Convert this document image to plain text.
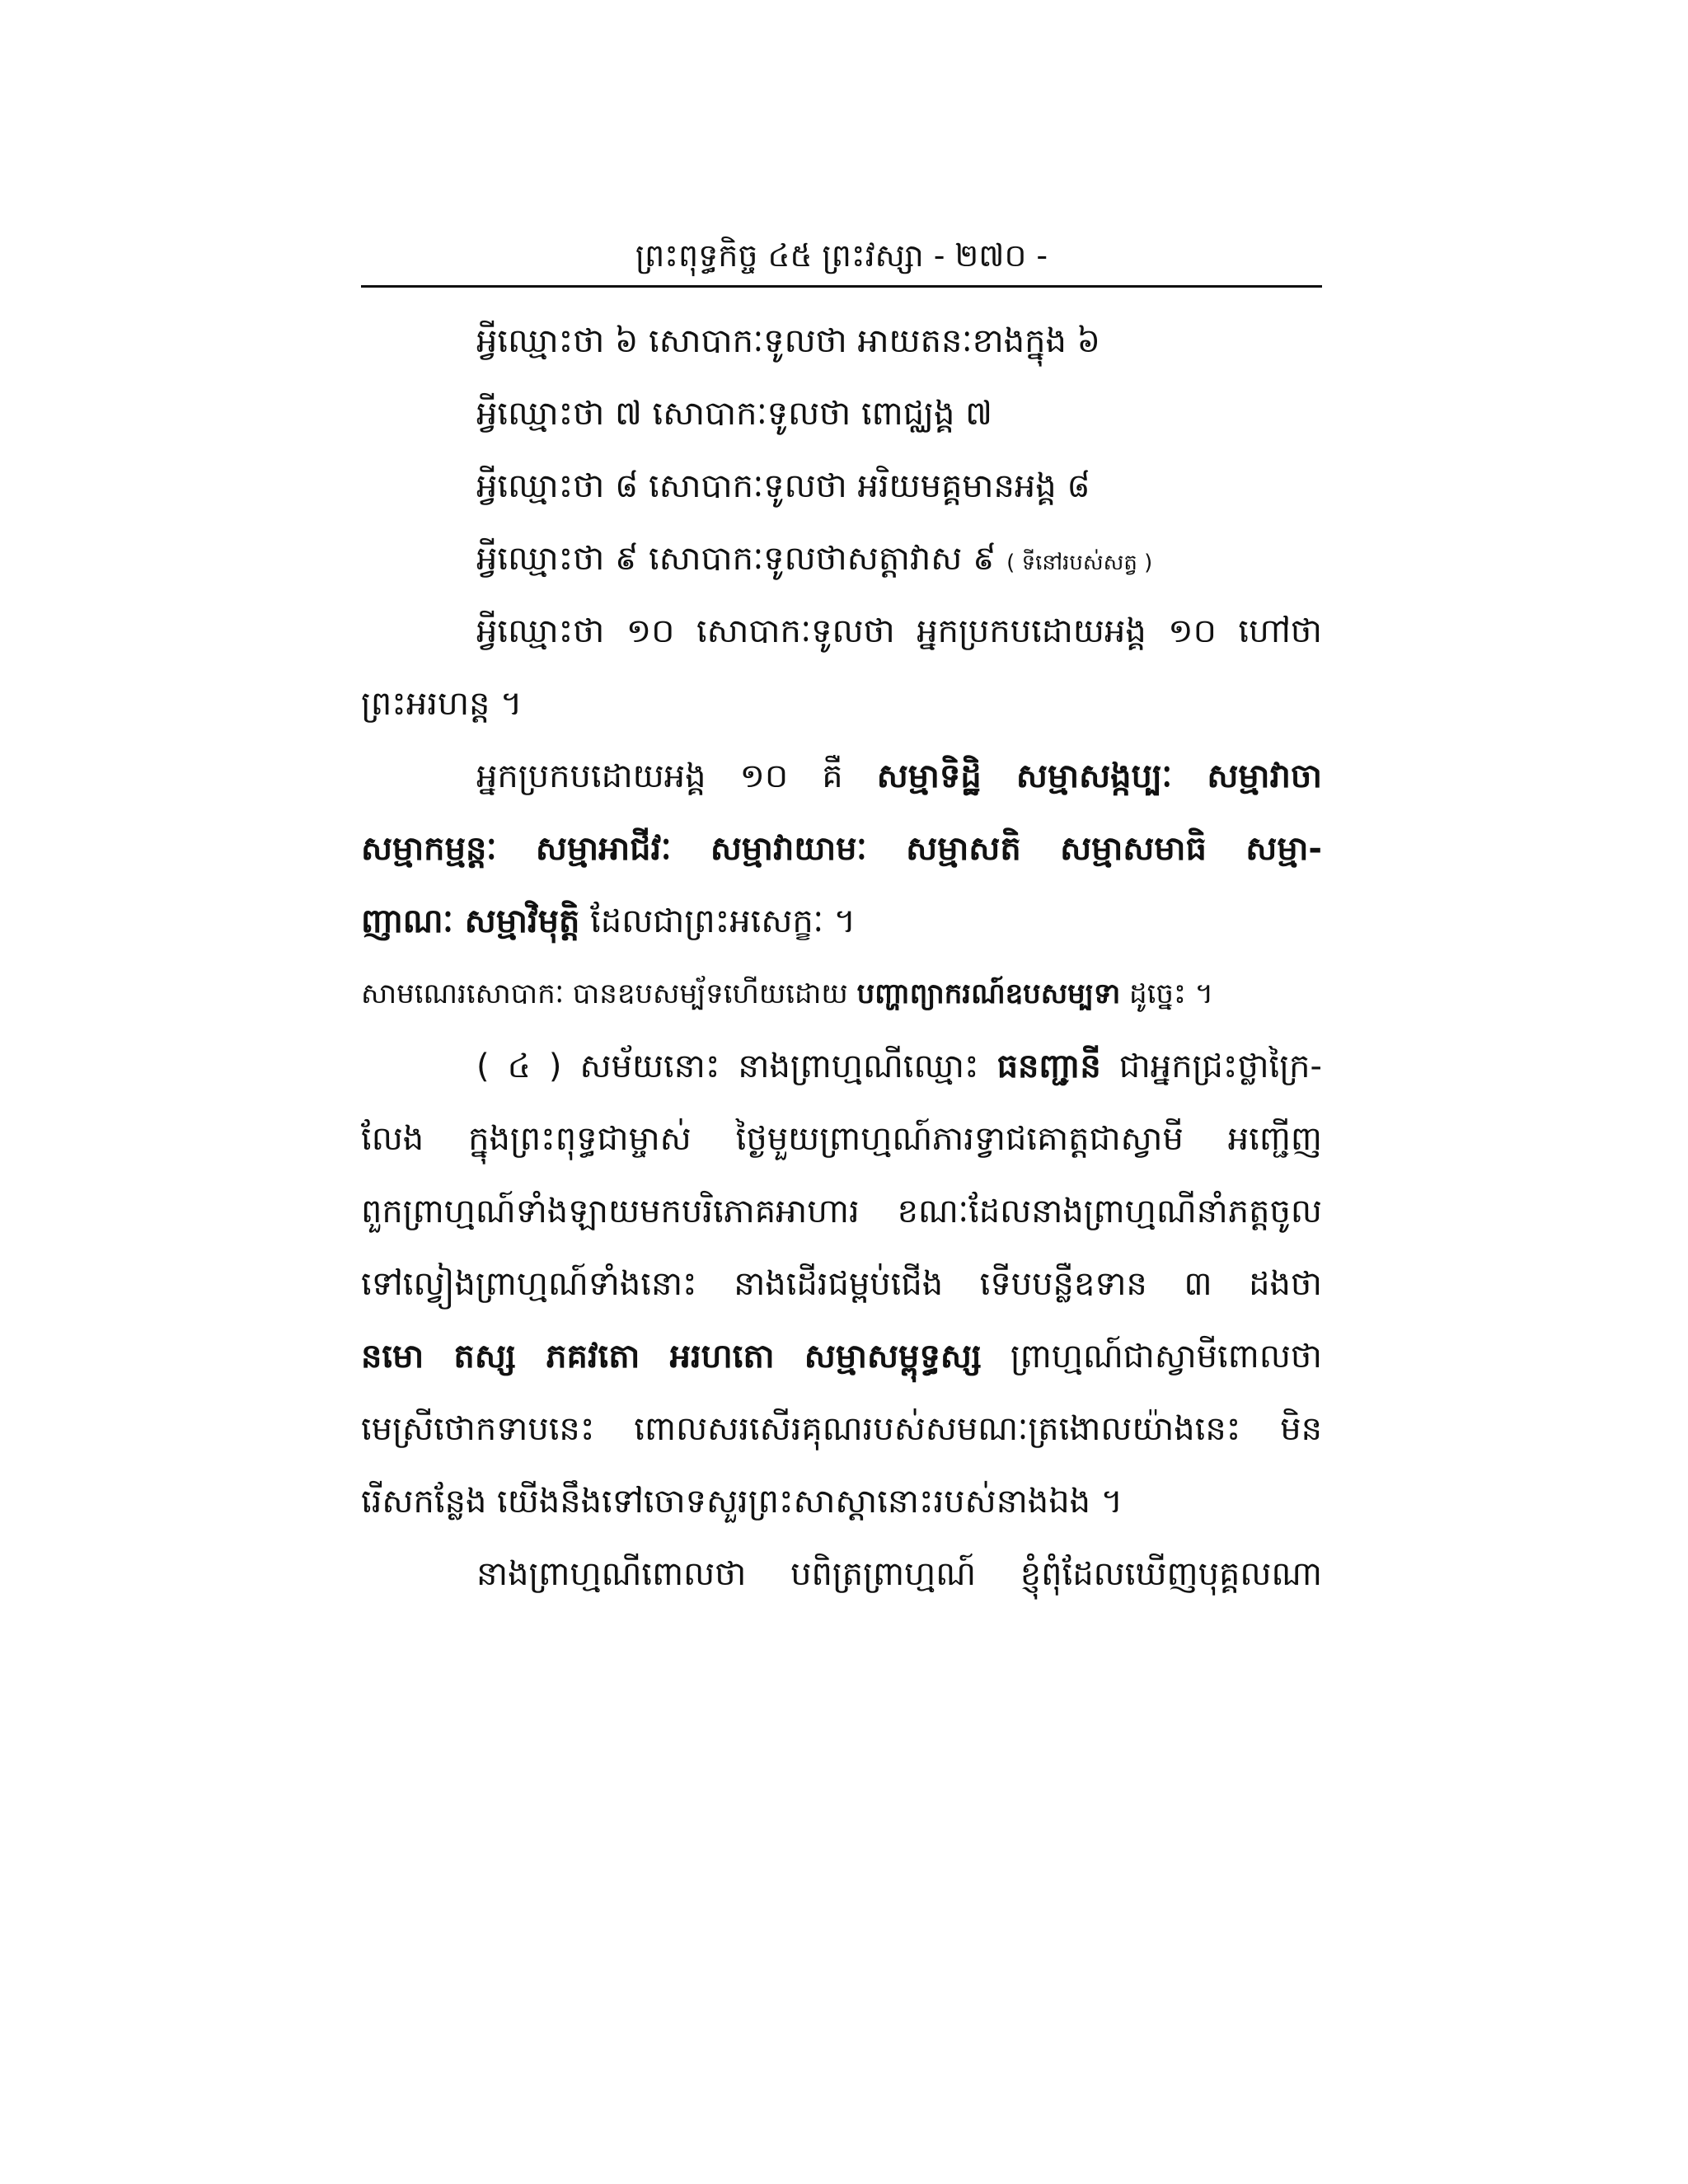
ព្រះពុទ្ធកិច្ច ៤៥ ព្រះវស្សា - ២៧០ -
អ្វីឈ្មោះថា ៦ សោបាកៈទូលថា អាយតនៈខាងក្នុង ៦
អ្វីឈ្មោះថា ៧ សោបាកៈទូលថា ពោជ្ឈង្គ ៧
អ្វីឈ្មោះថា ៨ សោបាកៈទូលថា អរិយមគ្គមានអង្គ ៨
អ្វីឈ្មោះថា ៩ សោបាកៈទូលថាសត្តាវាស ៩ ( ទីនៅរបស់សត្វ )
អ្វីឈ្មោះថា ១០ សោបាកៈទូលថា អ្នកប្រកបដោយអង្គ ១០ ហៅថា
ព្រះអរហន្ត ។
អ្នកប្រកបដោយអង្គ ១០ គឺ សម្មាទិដ្ឋិ សម្មាសង្កប្បៈ សម្មាវាចា
សម្មាកម្មន្តៈ សម្មាអាជីវៈ សម្មាវាយាមៈ សម្មាសតិ សម្មាសមាធិ សម្មា-
ញាណៈ សម្មាវិមុត្តិ ដែលជាព្រះអសេក្ខៈ ។
សាមណេរសោបាកៈ បានឧបសម្ប័ទហើយដោយ បញ្ហាព្យាករណ៍ឧបសម្បទា ដូច្នេះ ។
( ៤ ) សម័យនោះ នាងព្រាហ្មណីឈ្មោះ ធនញ្ជានី ជាអ្នកជ្រះថ្លាក្រៃ-
លែង ក្នុងព្រះពុទ្ធជាម្ចាស់ ថ្ងៃមួយព្រាហ្មណ៍ភារទ្វាជគោត្តជាស្វាមី អញ្ជើញ
ពួកព្រាហ្មណ៍ទាំងឡាយមកបរិភោគអាហារ ខណៈដែលនាងព្រាហ្មណីនាំភត្តចូល
ទៅល្វៀងព្រាហ្មណ៍ទាំងនោះ នាងដើរជម្ពប់ជើង ទើបបន្លឺឧទាន ៣ ដងថា
នមោ តស្ស ភគវតោ អរហតោ សម្មាសម្ពុទ្ធស្ស ព្រាហ្មណ៍ជាស្វាមីពោលថា
មេស្រីថោកទាបនេះ ពោលសរសើរគុណរបស់សមណៈត្រងោលយ៉ាងនេះ មិន
រើសកន្លែង យើងនឹងទៅចោទសួរព្រះសាស្ដានោះរបស់នាងឯង ។
នាងព្រាហ្មណីពោលថា បពិត្រព្រាហ្មណ៍ ខ្ញុំពុំដែលឃើញបុគ្គលណា
